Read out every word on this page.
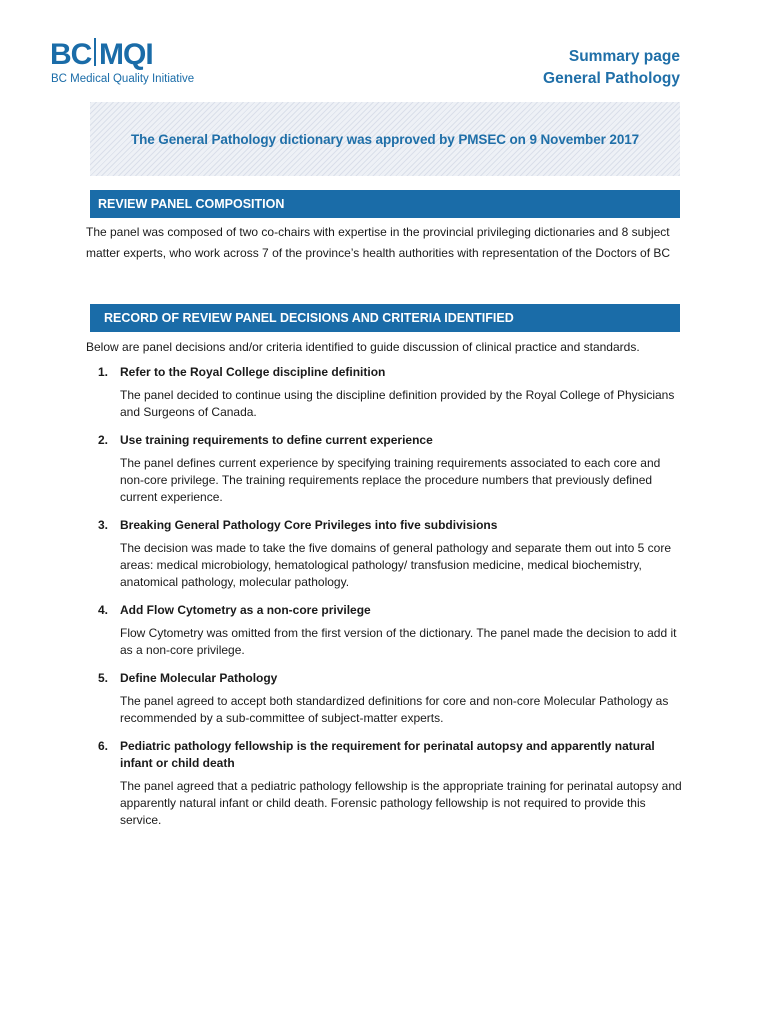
BC MQI
BC Medical Quality Initiative
Summary page
General Pathology
The General Pathology dictionary was approved by PMSEC on 9 November 2017
REVIEW PANEL COMPOSITION
The panel was composed of two co-chairs with expertise in the provincial privileging dictionaries and 8 subject matter experts, who work across 7 of the province’s health authorities with representation of the Doctors of BC
RECORD OF REVIEW PANEL DECISIONS AND CRITERIA IDENTIFIED
Below are panel decisions and/or criteria identified to guide discussion of clinical practice and standards.
1. Refer to the Royal College discipline definition
The panel decided to continue using the discipline definition provided by the Royal College of Physicians and Surgeons of Canada.
2. Use training requirements to define current experience
The panel defines current experience by specifying training requirements associated to each core and non-core privilege. The training requirements replace the procedure numbers that previously defined current experience.
3. Breaking General Pathology Core Privileges into five subdivisions
The decision was made to take the five domains of general pathology and separate them out into 5 core areas: medical microbiology, hematological pathology/ transfusion medicine, medical biochemistry, anatomical pathology, molecular pathology.
4. Add Flow Cytometry as a non-core privilege
Flow Cytometry was omitted from the first version of the dictionary. The panel made the decision to add it as a non-core privilege.
5. Define Molecular Pathology
The panel agreed to accept both standardized definitions for core and non-core Molecular Pathology as recommended by a sub-committee of subject-matter experts.
6. Pediatric pathology fellowship is the requirement for perinatal autopsy and apparently natural infant or child death
The panel agreed that a pediatric pathology fellowship is the appropriate training for perinatal autopsy and apparently natural infant or child death. Forensic pathology fellowship is not required to provide this service.
